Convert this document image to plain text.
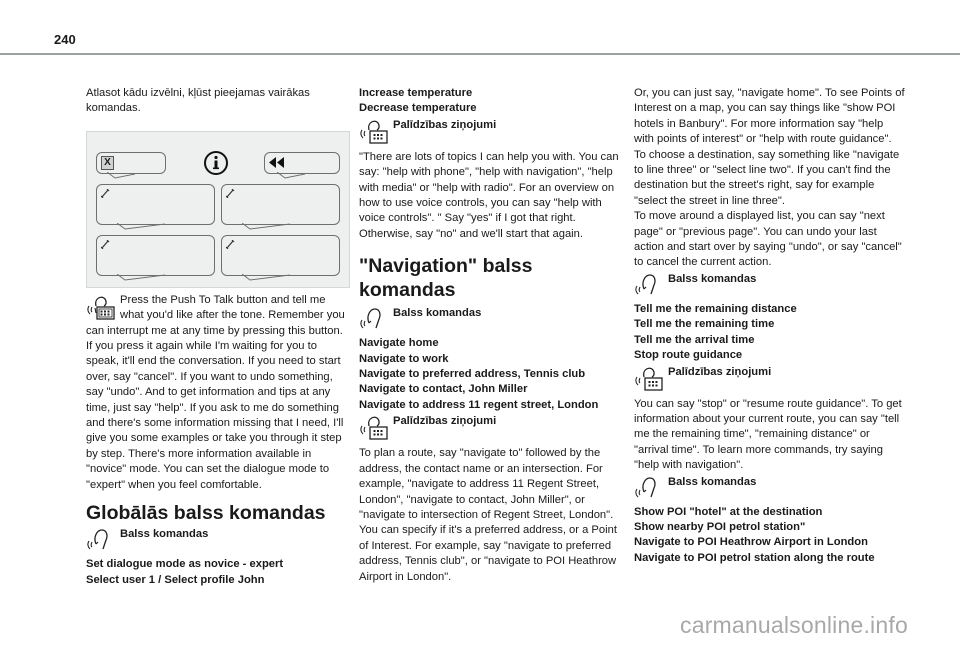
240

Atlasot kādu izvēlni, kļūst pieejamas vairākas komandas.

X

Press the Push To Talk button and tell me what you'd like after the tone. Remember you can interrupt me at any time by pressing this button. If you press it again while I'm waiting for you to speak, it'll end the conversation. If you need to start over, say "cancel". If you want to undo something, say "undo". And to get information and tips at any time, just say "help". If you ask to me do something and there's some information missing that I need, I'll give you some examples or take you through it step by step. There's more information available in "novice" mode. You can set the dialogue mode to "expert" when you feel comfortable.

Globālās balss komandas
Balss komandas

Set dialogue mode as novice - expert

Select user 1 / Select profile John

Increase temperature

Decrease temperature

Palīdzības ziņojumi

"There are lots of topics I can help you with. You can say: "help with phone", "help with navigation", "help with media" or "help with radio". For an overview on how to use voice controls, you can say "help with voice controls". " Say "yes" if I got that right. Otherwise, say "no" and we'll start that again.

"Navigation" balss komandas
Balss komandas

Navigate home

Navigate to work

Navigate to preferred address, Tennis club

Navigate to contact, John Miller

Navigate to address 11 regent street, London

Palīdzības ziņojumi

To plan a route, say "navigate to" followed by the address, the contact name or an intersection. For example, "navigate to address 11 Regent Street, London", "navigate to contact, John Miller", or "navigate to intersection of Regent Street, London". You can specify if it's a preferred address, or a Point of Interest. For example, say "navigate to preferred address, Tennis club", or "navigate to POI Heathrow Airport in London".

Or, you can just say, "navigate home". To see Points of Interest on a map, you can say things like "show POI hotels in Banbury". For more information say "help with points of interest" or "help with route guidance".

To choose a destination, say something like "navigate to line three" or "select line two". If you can't find the destination but the street's right, say for example "select the street in line three".

To move around a displayed list, you can say "next page" or "previous page". You can undo your last action and start over by saying "undo", or say "cancel" to cancel the current action.

Balss komandas

Tell me the remaining distance

Tell me the remaining time

Tell me the arrival time

Stop route guidance

Palīdzības ziņojumi

You can say "stop" or "resume route guidance". To get information about your current route, you can say "tell me the remaining time", "remaining distance" or "arrival time". To learn more commands, try saying "help with navigation".

Balss komandas

Show POI "hotel" at the destination

Show nearby POI petrol station"

Navigate to POI Heathrow Airport in London

Navigate to POI petrol station along the route

carmanualsonline.info
